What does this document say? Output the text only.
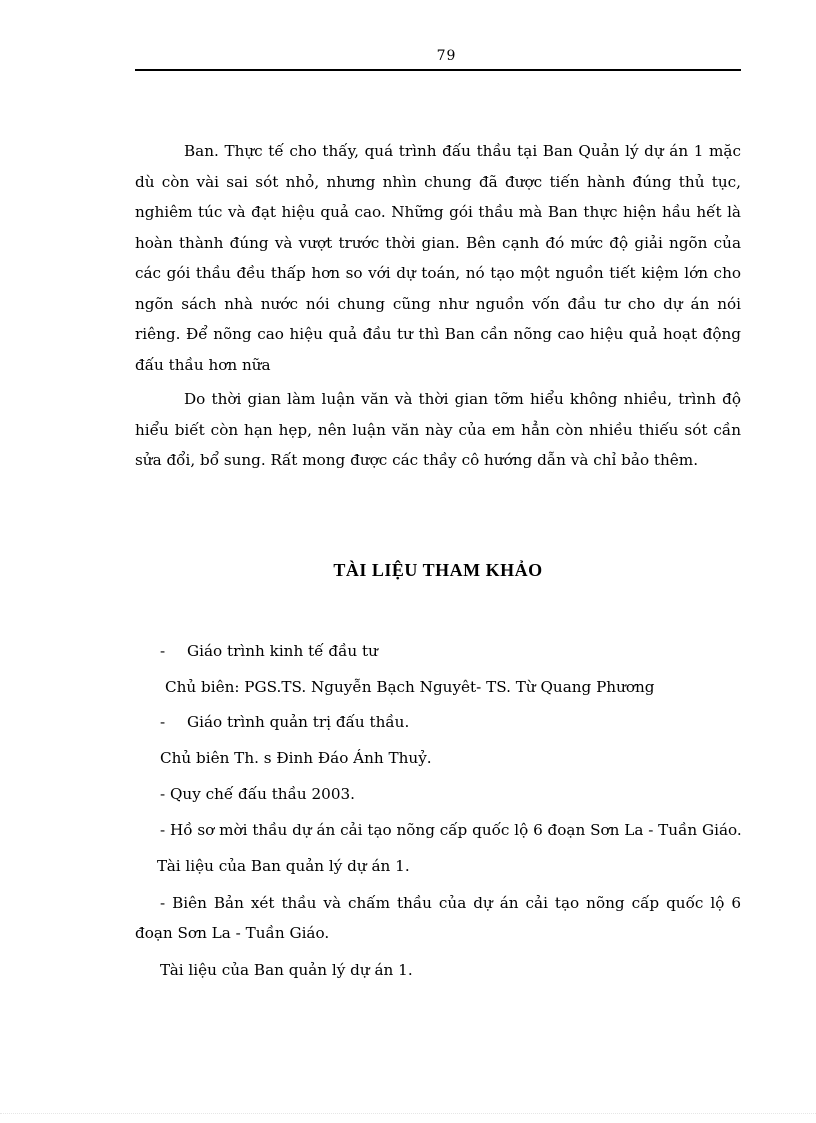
79

Ban. Thực tế cho thấy, quá trình đấu thầu tại Ban Quản lý dự án 1 mặc dù còn vài sai sót nhỏ, nhưng nhìn chung đã được tiến hành đúng thủ tục, nghiêm túc và đạt hiệu quả cao. Những gói thầu mà Ban thực hiện hầu hết là hoàn thành đúng và vượt trước thời gian. Bên cạnh đó mức độ giải ngõn của các gói thầu đều thấp hơn so với dự toán, nó tạo một nguồn tiết kiệm lớn cho ngõn sách nhà nước nói chung cũng như nguồn vốn đầu tư cho dự án nói riêng. Để nõng cao hiệu quả đầu tư thì Ban cần nõng cao hiệu quả hoạt động đấu thầu hơn nữa

Do thời gian làm luận văn và thời gian tỡm hiểu không nhiều, trình độ hiểu biết còn hạn hẹp, nên luận văn này của em hẳn còn nhiều thiếu sót cần sửa đổi, bổ sung. Rất mong được các thầy cô hướng dẫn và chỉ bảo thêm.

TÀI LIỆU THAM KHẢO
- Giáo trình kinh tế đầu tư
Chủ biên: PGS.TS. Nguyễn Bạch Nguyêt- TS. Từ Quang Phương
- Giáo trình quản trị đấu thầu.
Chủ biên Th. s Đinh Đáo Ánh Thuỷ.
- Quy chế đấu thầu 2003.
- Hồ sơ mời thầu dự án cải tạo nõng cấp quốc lộ 6 đoạn Sơn La - Tuần Giáo.
Tài liệu của Ban quản lý dự án 1.
- Biên Bản xét thầu và chấm thầu của dự án cải tạo nõng cấp quốc lộ 6 đoạn Sơn La - Tuần Giáo.
Tài liệu của Ban quản lý dự án 1.
